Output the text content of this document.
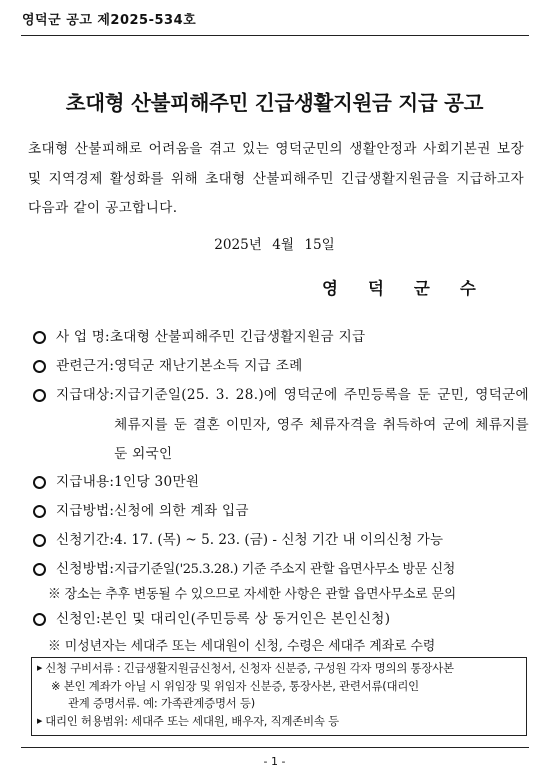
영덕군 공고 제2025-534호
초대형 산불피해주민 긴급생활지원금 지급 공고
초대형 산불피해로 어려움을 겪고 있는 영덕군민의 생활안정과 사회기본권 보장 및 지역경제 활성화를 위해 초대형 산불피해주민 긴급생활지원금을 지급하고자 다음과 같이 공고합니다.
2025년 4월 15일
영덕군수
사 업 명: 초대형 산불피해주민 긴급생활지원금 지급
관련근거: 영덕군 재난기본소득 지급 조례
지급대상: 지급기준일(25. 3. 28.)에 영덕군에 주민등록을 둔 군민, 영덕군에 체류지를 둔 결혼 이민자, 영주 체류자격을 취득하여 군에 체류지를 둔 외국인
지급내용: 1인당 30만원
지급방법: 신청에 의한 계좌 입금
신청기간: 4. 17. (목) ~ 5. 23. (금) - 신청 기간 내 이의신청 가능
신청방법: 지급기준일('25.3.28.) 기준 주소지 관할 읍면사무소 방문 신청
※ 장소는 추후 변동될 수 있으므로 자세한 사항은 관할 읍면사무소로 문의
신청인: 본인 및 대리인(주민등록 상 동거인은 본인신청)
※ 미성년자는 세대주 또는 세대원이 신청, 수령은 세대주 계좌로 수령
▶ 신청 구비서류 : 긴급생활지원금신청서, 신청자 신분증, 구성원 각자 명의의 통장사본
※ 본인 계좌가 아닐 시 위임장 및 위임자 신분증, 통장사본, 관련서류(대리인
관계 증명서류. 예: 가족관계증명서 등)
▶ 대리인 허용범위: 세대주 또는 세대원, 배우자, 직계존비속 등
- 1 -
